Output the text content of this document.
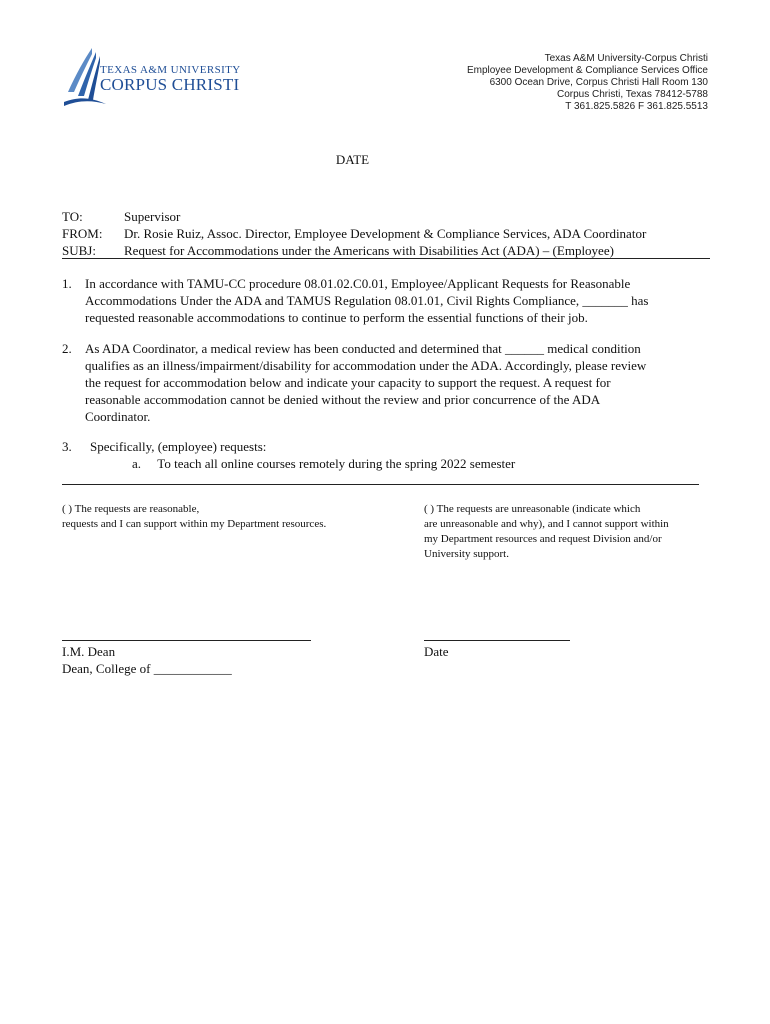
TEXAS A&M UNIVERSITY
CORPUS CHRISTI
Texas A&M University-Corpus Christi
Employee Development & Compliance Services Office
6300 Ocean Drive, Corpus Christi Hall Room 130
Corpus Christi, Texas 78412-5788
T 361.825.5826 F 361.825.5513
DATE
TO:	Supervisor
FROM:	Dr. Rosie Ruiz, Assoc. Director, Employee Development & Compliance Services, ADA Coordinator
SUBJ:	Request for Accommodations under the Americans with Disabilities Act (ADA) – (Employee)
1. In accordance with TAMU-CC procedure 08.01.02.C0.01, Employee/Applicant Requests for Reasonable
Accommodations Under the ADA and TAMUS Regulation 08.01.01, Civil Rights Compliance, _______ has
requested reasonable accommodations to continue to perform the essential functions of their job.
2. As ADA Coordinator, a medical review has been conducted and determined that ______ medical condition
qualifies as an illness/impairment/disability for accommodation under the ADA. Accordingly, please review
the request for accommodation below and indicate your capacity to support the request. A request for
reasonable accommodation cannot be denied without the review and prior concurrence of the ADA
Coordinator.
3. Specifically, (employee) requests:
a. To teach all online courses remotely during the spring 2022 semester
( ) The requests are reasonable,
requests and I can support within my Department resources.
( ) The requests are unreasonable (indicate which
are unreasonable and why), and I cannot support within
my Department resources and request Division and/or
University support.
I.M. Dean
Dean, College of ____________
Date
